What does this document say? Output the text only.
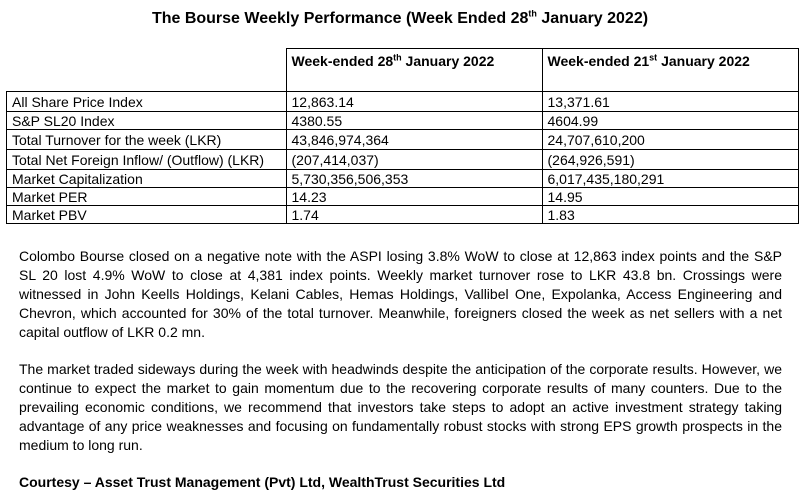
The Bourse Weekly Performance (Week Ended 28th January 2022)
	Week-ended 28th January 2022	Week-ended 21st January 2022
All Share Price Index	12,863.14	13,371.61
S&P SL20 Index	4380.55	4604.99
Total Turnover for the week (LKR)	43,846,974,364	24,707,610,200
Total Net Foreign Inflow/ (Outflow) (LKR)	(207,414,037)	(264,926,591)
Market Capitalization	5,730,356,506,353	6,017,435,180,291
Market PER	14.23	14.95
Market PBV	1.74	1.83

Colombo Bourse closed on a negative note with the ASPI losing 3.8% WoW to close at 12,863 index points and the S&P SL 20 lost 4.9% WoW to close at 4,381 index points. Weekly market turnover rose to LKR 43.8 bn. Crossings were witnessed in John Keells Holdings, Kelani Cables, Hemas Holdings, Vallibel One, Expolanka, Access Engineering and Chevron, which accounted for 30% of the total turnover. Meanwhile, foreigners closed the week as net sellers with a net capital outflow of LKR 0.2 mn.

The market traded sideways during the week with headwinds despite the anticipation of the corporate results. However, we continue to expect the market to gain momentum due to the recovering corporate results of many counters. Due to the prevailing economic conditions, we recommend that investors take steps to adopt an active investment strategy taking advantage of any price weaknesses and focusing on fundamentally robust stocks with strong EPS growth prospects in the medium to long run.

Courtesy – Asset Trust Management (Pvt) Ltd, WealthTrust Securities Ltd
